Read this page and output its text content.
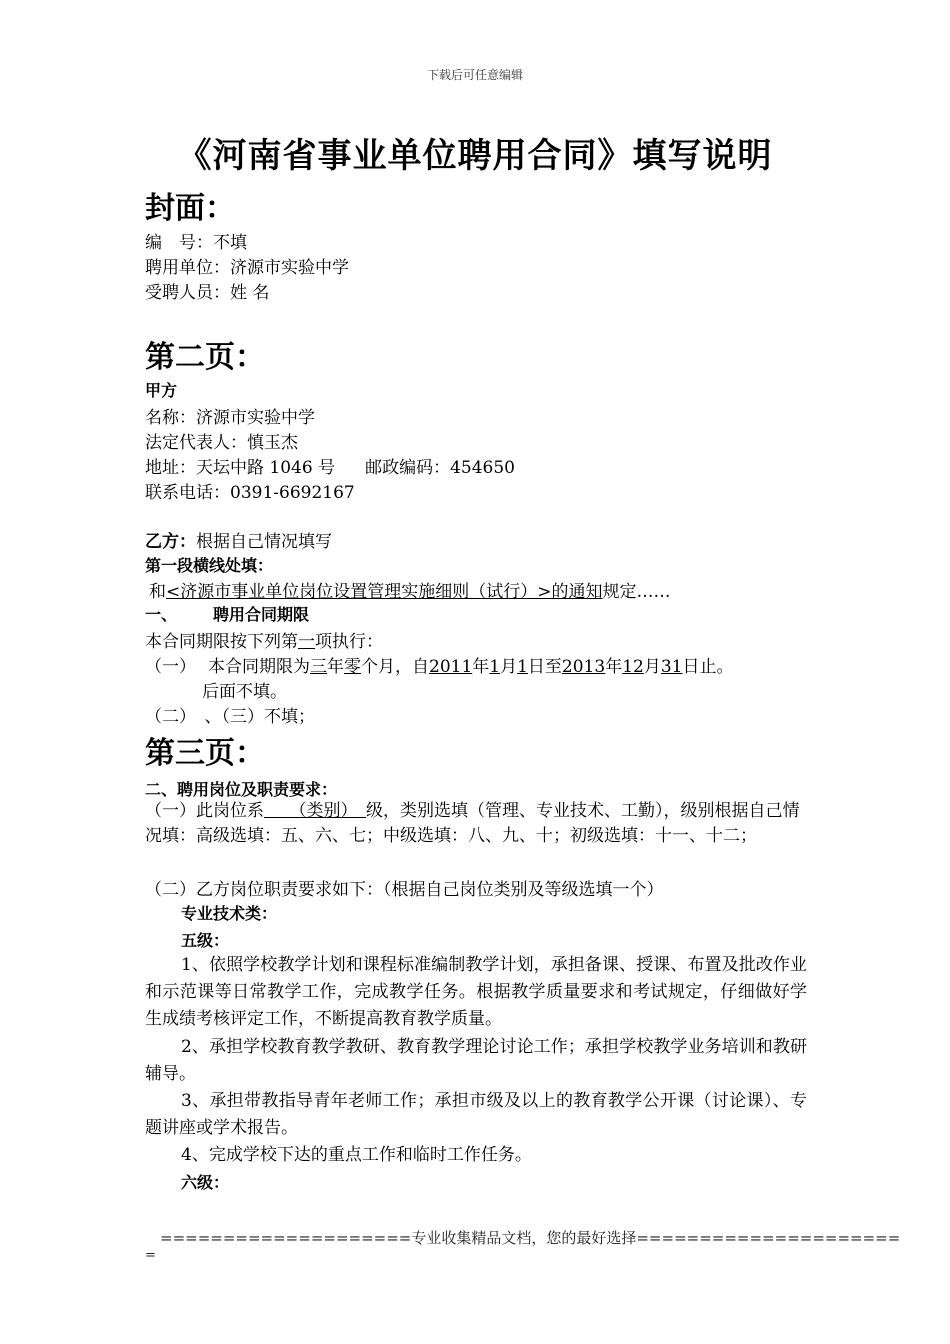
下载后可任意编辑
《河南省事业单位聘用合同》填写说明
封面：
编　号：不填
聘用单位：济源市实验中学
受聘人员：姓 名
第二页：
甲方
名称：济源市实验中学
法定代表人：慎玉杰
地址：天坛中路 1046 号 邮政编码：454650
联系电话：0391-6692167
乙方：根据自己情况填写
第一段横线处填：
和<济源市事业单位岗位设置管理实施细则（试行）>的通知规定……
一、 聘用合同期限
本合同期限按下列第一项执行：
（一） 本合同期限为三年零个月，自2011年1月1日至2013年12月31日止。
后面不填。
（二）　、（三）不填；
第三页：
二、聘用岗位及职责要求：
（一）此岗位系　　（类别）　级，类别选填（管理、专业技术、工勤），级别根据自己情况填：高级选填：五、六、七；中级选填：八、九、十；初级选填：十一、十二；
（二）乙方岗位职责要求如下：（根据自己岗位类别及等级选填一个）
专业技术类：
五级：
1、依照学校教学计划和课程标准编制教学计划，承担备课、授课、布置及批改作业和示范课等日常教学工作，完成教学任务。根据教学质量要求和考试规定，仔细做好学生成绩考核评定工作，不断提高教育教学质量。
2、承担学校教育教学教研、教育教学理论讨论工作；承担学校教学业务培训和教研辅导。
3、承担带教指导青年老师工作；承担市级及以上的教育教学公开课（讨论课）、专题讲座或学术报告。
4、完成学校下达的重点工作和临时工作任务。
六级：
====================专业收集精品文档，您的最好选择=====================
=
